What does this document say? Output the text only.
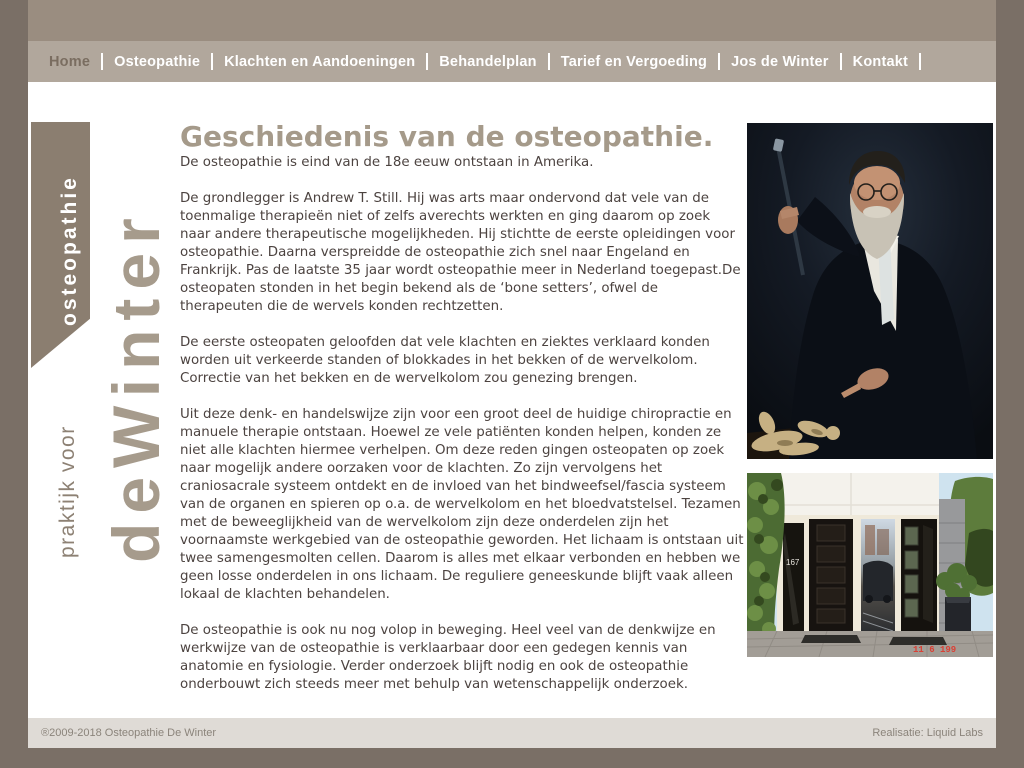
Home	Osteopathie	Klachten en Aandoeningen	Behandelplan	Tarief en Vergoeding	Jos de Winter	Kontakt
osteopathie
praktijk voor deWinter
Geschiedenis van de osteopathie.

De osteopathie is eind van de 18e eeuw ontstaan in Amerika.

De grondlegger is Andrew T. Still. Hij was arts maar ondervond dat vele van de toenmalige therapieën niet of zelfs averechts werkten en ging daarom op zoek naar andere therapeutische mogelijkheden. Hij stichtte de eerste opleidingen voor osteopathie. Daarna verspreidde de osteopathie zich snel naar Engeland en Frankrijk. Pas de laatste 35 jaar wordt osteopathie meer in Nederland toegepast.De osteopaten stonden in het begin bekend als de ‘bone setters’, ofwel de therapeuten die de wervels konden rechtzetten.

De eerste osteopaten geloofden dat vele klachten en ziektes verklaard konden worden uit verkeerde standen of blokkades in het bekken of de wervelkolom. Correctie van het bekken en de wervelkolom zou genezing brengen.

Uit deze denk- en handelswijze zijn voor een groot deel de huidige chiropractie en manuele therapie ontstaan. Hoewel ze vele patiënten konden helpen, konden ze niet alle klachten hiermee verhelpen. Om deze reden gingen osteopaten op zoek naar mogelijk andere oorzaken voor de klachten. Zo zijn vervolgens het craniosacrale systeem ontdekt en de invloed van het bindweefsel/fascia systeem van de organen en spieren op o.a. de wervelkolom en het bloedvatstelsel. Tezamen met de beweeglijkheid van de wervelkolom zijn deze onderdelen zijn het voornaamste werkgebied van de osteopathie geworden. Het lichaam is ontstaan uit twee samengesmolten cellen. Daarom is alles met elkaar verbonden en hebben we geen losse onderdelen in ons lichaam. De reguliere geneeskunde blijft vaak alleen lokaal de klachten behandelen.

De osteopathie is ook nu nog volop in beweging. Heel veel van de denkwijze en werkwijze van de osteopathie is verklaarbaar door een gedegen kennis van anatomie en fysiologie. Verder onderzoek blijft nodig en ook de osteopathie onderbouwt zich steeds meer met behulp van wetenschappelijk onderzoek.

167
11 6 199
®2009-2018 Osteopathie De Winter	Realisatie: Liquid Labs
